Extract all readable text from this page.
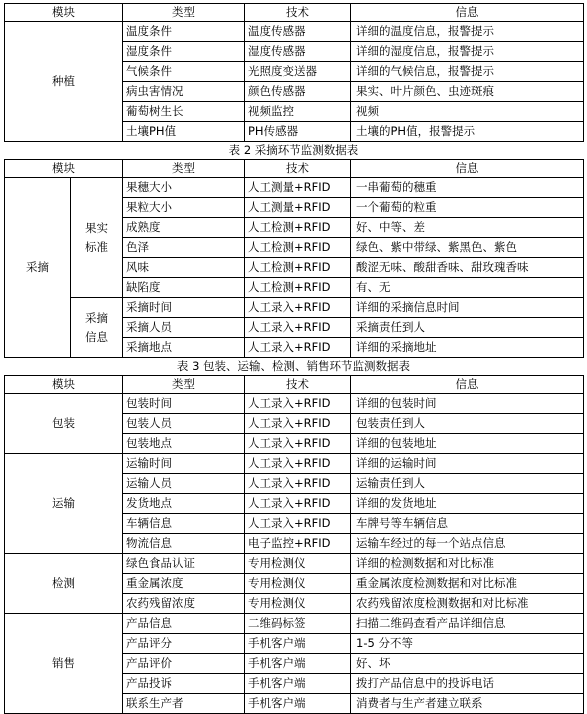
模块	类型	技术	信息
种植	温度条件	温度传感器	详细的温度信息，报警提示
	湿度条件	湿度传感器	详细的湿度信息，报警提示
	气候条件	光照度变送器	详细的气候信息，报警提示
	病虫害情况	颜色传感器	果实、叶片颜色、虫迹斑痕
	葡萄树生长	视频监控	视频
	土壤PH值	PH传感器	土壤的PH值，报警提示
表 2 采摘环节监测数据表
模块		类型	技术	信息
采摘	果实标准	果穗大小	人工测量+RFID	一串葡萄的穗重
		果粒大小	人工测量+RFID	一个葡萄的粒重
		成熟度	人工检测+RFID	好、中等、差
		色泽	人工检测+RFID	绿色、紫中带绿、紫黑色、紫色
		风味	人工检测+RFID	酸涩无味、酸甜香味、甜玫瑰香味
		缺陷度	人工检测+RFID	有、无
	采摘信息	采摘时间	人工录入+RFID	详细的采摘信息时间
		采摘人员	人工录入+RFID	采摘责任到人
		采摘地点	人工录入+RFID	详细的采摘地址
表 3 包装、运输、检测、销售环节监测数据表
模块	类型	技术	信息
包装	包装时间	人工录入+RFID	详细的包装时间
	包装人员	人工录入+RFID	包装责任到人
	包装地点	人工录入+RFID	详细的包装地址
运输	运输时间	人工录入+RFID	详细的运输时间
	运输人员	人工录入+RFID	运输责任到人
	发货地点	人工录入+RFID	详细的发货地址
	车辆信息	人工录入+RFID	车牌号等车辆信息
	物流信息	电子监控+RFID	运输车经过的每一个站点信息
检测	绿色食品认证	专用检测仪	详细的检测数据和对比标准
	重金属浓度	专用检测仪	重金属浓度检测数据和对比标准
	农药残留浓度	专用检测仪	农药残留浓度检测数据和对比标准
销售	产品信息	二维码标签	扫描二维码查看产品详细信息
	产品评分	手机客户端	1-5 分不等
	产品评价	手机客户端	好、坏
	产品投诉	手机客户端	拨打产品信息中的投诉电话
	联系生产者	手机客户端	消费者与生产者建立联系
